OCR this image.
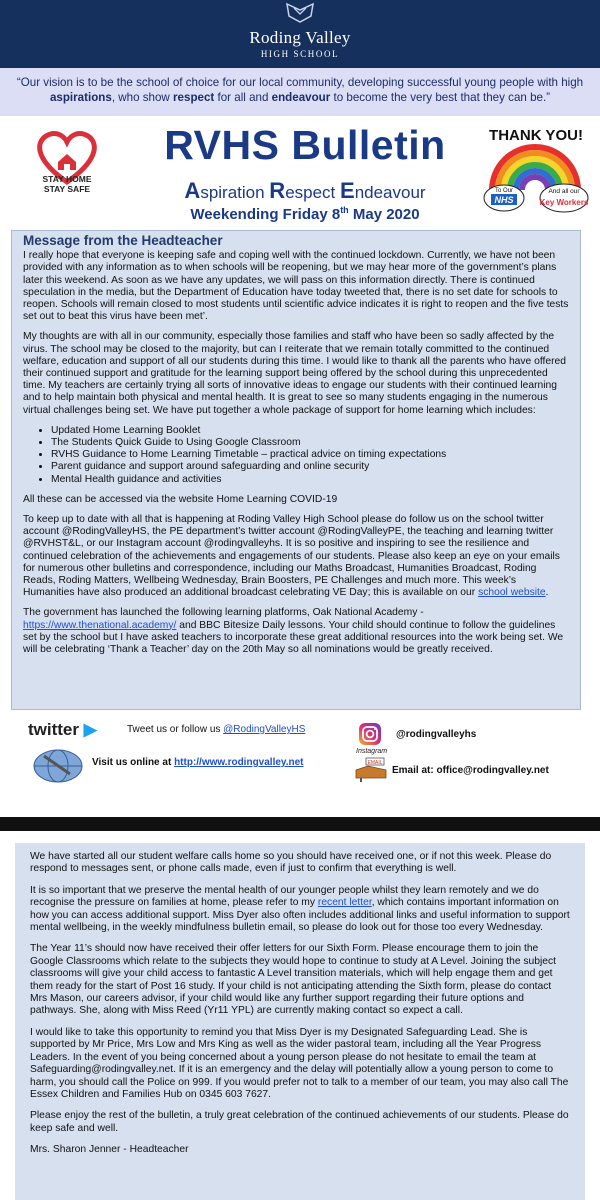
Roding Valley
HIGH SCHOOL
“Our vision is to be the school of choice for our local community, developing successful young people with high aspirations, who show respect for all and endeavour to become the very best that they can be.”
STAY HOME
STAY SAFE
RVHS Bulletin
Aspiration Respect Endeavour
Weekending Friday 8th May 2020
THANK YOU!
To Our
NHS
And all our
Key Workers
Message from the Headteacher

I really hope that everyone is keeping safe and coping well with the continued lockdown. Currently, we have not been provided with any information as to when schools will be reopening, but we may hear more of the government’s plans later this weekend. As soon as we have any updates, we will pass on this information directly. There is continued speculation in the media, but the Department of Education have today tweeted that, there is no set date for schools to reopen. Schools will remain closed to most students until scientific advice indicates it is right to reopen and the five tests set out to beat this virus have been met’.

My thoughts are with all in our community, especially those families and staff who have been so sadly affected by the virus. The school may be closed to the majority, but can I reiterate that we remain totally committed to the continued welfare, education and support of all our students during this time. I would like to thank all the parents who have offered their continued support and gratitude for the learning support being offered by the school during this unprecedented time. My teachers are certainly trying all sorts of innovative ideas to engage our students with their continued learning and to help maintain both physical and mental health. It is great to see so many students engaging in the numerous virtual challenges being set. We have put together a whole package of support for home learning which includes:

• Updated Home Learning Booklet
• The Students Quick Guide to Using Google Classroom
• RVHS Guidance to Home Learning Timetable – practical advice on timing expectations
• Parent guidance and support around safeguarding and online security
• Mental Health guidance and activities

All these can be accessed via the website Home Learning COVID-19

To keep up to date with all that is happening at Roding Valley High School please do follow us on the school twitter account @RodingValleyHS, the PE department’s twitter account @RodingValleyPE, the teaching and learning twitter @RVHST&L, or our Instagram account @rodingvalleyhs. It is so positive and inspiring to see the resilience and continued celebration of the achievements and engagements of our students. Please also keep an eye on your emails for numerous other bulletins and correspondence, including our Maths Broadcast, Humanities Broadcast, Roding Reads, Roding Matters, Wellbeing Wednesday, Brain Boosters, PE Challenges and much more. This week’s Humanities have also produced an additional broadcast celebrating VE Day; this is available on our school website.

The government has launched the following learning platforms, Oak National Academy - https://www.thenational.academy/ and BBC Bitesize Daily lessons. Your child should continue to follow the guidelines set by the school but I have asked teachers to incorporate these great additional resources into the work being set. We will be celebrating ‘Thank a Teacher’ day on the 20th May so all nominations would be greatly received.

twitter ▶	Tweet us or follow us @RodingValleyHS
Visit us online at http://www.rodingvalley.net
Instagram
@rodingvalleyhs
EMAIL
Email at: office@rodingvalley.net

We have started all our student welfare calls home so you should have received one, or if not this week. Please do respond to messages sent, or phone calls made, even if just to confirm that everything is well.

It is so important that we preserve the mental health of our younger people whilst they learn remotely and we do recognise the pressure on families at home, please refer to my recent letter, which contains important information on how you can access additional support. Miss Dyer also often includes additional links and useful information to support mental wellbeing, in the weekly mindfulness bulletin email, so please do look out for those too every Wednesday.

The Year 11’s should now have received their offer letters for our Sixth Form. Please encourage them to join the Google Classrooms which relate to the subjects they would hope to continue to study at A Level. Joining the subject classrooms will give your child access to fantastic A Level transition materials, which will help engage them and get them ready for the start of Post 16 study. If your child is not anticipating attending the Sixth form, please do contact Mrs Mason, our careers advisor, if your child would like any further support regarding their future options and pathways. She, along with Miss Reed (Yr11 YPL) are currently making contact so expect a call.

I would like to take this opportunity to remind you that Miss Dyer is my Designated Safeguarding Lead. She is supported by Mr Price, Mrs Low and Mrs King as well as the wider pastoral team, including all the Year Progress Leaders. In the event of you being concerned about a young person please do not hesitate to email the team at Safeguarding@rodingvalley.net. If it is an emergency and the delay will potentially allow a young person to come to harm, you should call the Police on 999. If you would prefer not to talk to a member of our team, you may also call The Essex Children and Families Hub on 0345 603 7627.

Please enjoy the rest of the bulletin, a truly great celebration of the continued achievements of our students. Please do keep safe and well.

Mrs. Sharon Jenner - Headteacher
